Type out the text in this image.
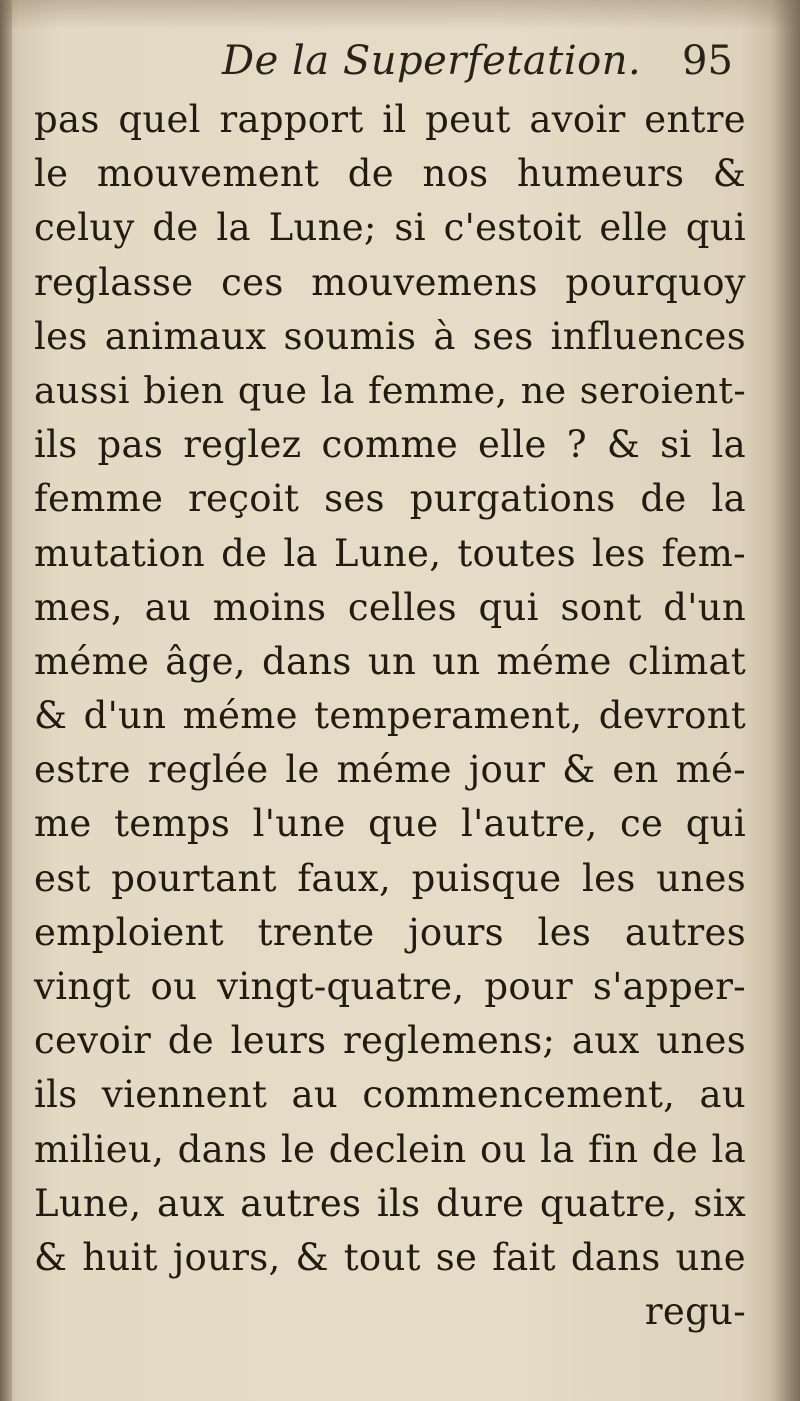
De la Superfetation. 95
pas quel rapport il peut avoir entre
le mouvement de nos humeurs &
celuy de la Lune; si c'estoit elle qui
reglasse ces mouvemens pourquoy
les animaux soumis à ses influences
aussi bien que la femme, ne seroient-
ils pas reglez comme elle ? & si la
femme reçoit ses purgations de la
mutation de la Lune, toutes les fem-
mes, au moins celles qui sont d'un
méme âge, dans un un méme climat
& d'un méme temperament, devront
estre reglée le méme jour & en mé-
me temps l'une que l'autre, ce qui
est pourtant faux, puisque les unes
emploient trente jours les autres
vingt ou vingt-quatre, pour s'apper-
cevoir de leurs reglemens; aux unes
ils viennent au commencement, au
milieu, dans le declein ou la fin de la
Lune, aux autres ils dure quatre, six
& huit jours, & tout se fait dans une
regu-
